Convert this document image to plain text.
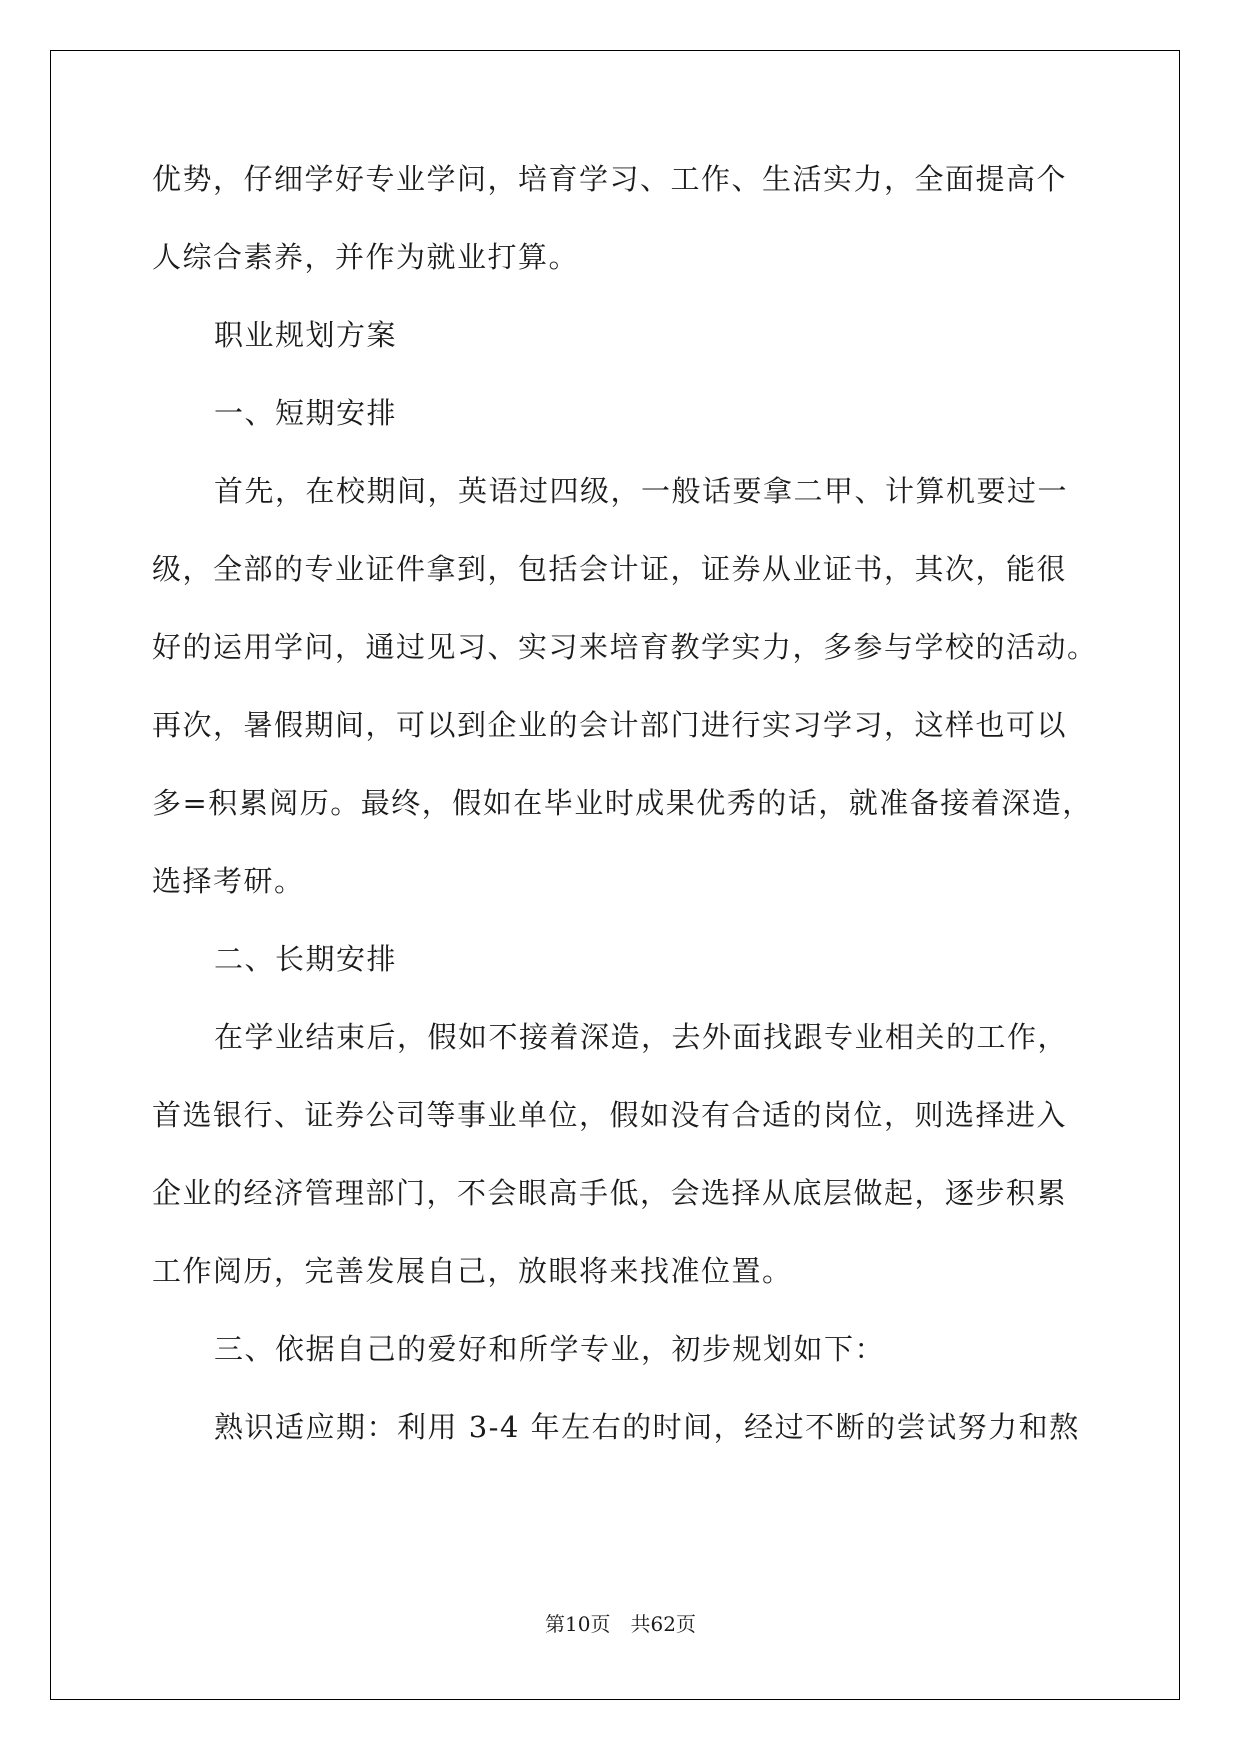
优势，仔细学好专业学问，培育学习、工作、生活实力，全面提高个
人综合素养，并作为就业打算。
职业规划方案
一、短期安排
首先，在校期间，英语过四级，一般话要拿二甲、计算机要过一
级，全部的专业证件拿到，包括会计证，证券从业证书，其次，能很
好的运用学问，通过见习、实习来培育教学实力，多参与学校的活动。
再次，暑假期间，可以到企业的会计部门进行实习学习，这样也可以
多=积累阅历。最终，假如在毕业时成果优秀的话，就准备接着深造，
选择考研。
二、长期安排
在学业结束后，假如不接着深造，去外面找跟专业相关的工作，
首选银行、证券公司等事业单位，假如没有合适的岗位，则选择进入
企业的经济管理部门，不会眼高手低，会选择从底层做起，逐步积累
工作阅历，完善发展自己，放眼将来找准位置。
三、依据自己的爱好和所学专业，初步规划如下：
熟识适应期：利用 3-4 年左右的时间，经过不断的尝试努力和熬
第10页 共62页
